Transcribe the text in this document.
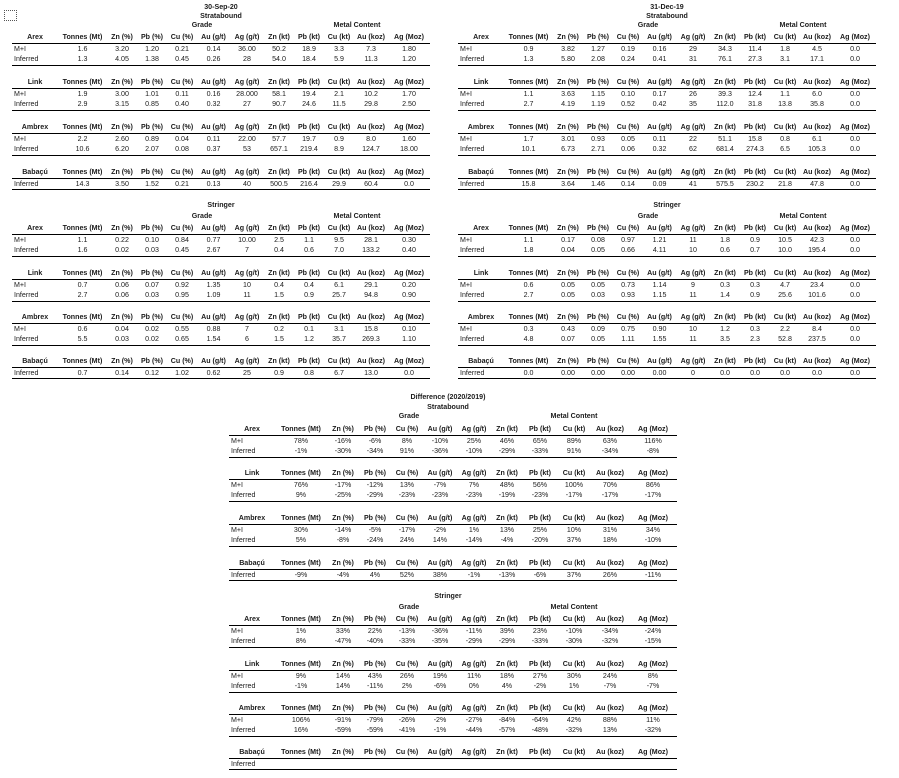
30-Sep-20
Stratabound
Grade	Metal Content
Arex	Tonnes (Mt)	Zn (%)	Pb (%)	Cu (%)	Au (g/t)	Ag (g/t)	Zn (kt)	Pb (kt)	Cu (kt)	Au (koz)	Ag (Moz)
M+I	1.6	3.20	1.20	0.21	0.14	36.00	50.2	18.9	3.3	7.3	1.80
Inferred	1.3	4.05	1.38	0.45	0.26	28	54.0	18.4	5.9	11.3	1.20
Link	Tonnes (Mt)	Zn (%)	Pb (%)	Cu (%)	Au (g/t)	Ag (g/t)	Zn (kt)	Pb (kt)	Cu (kt)	Au (koz)	Ag (Moz)
M+I	1.9	3.00	1.01	0.11	0.16	28.000	58.1	19.4	2.1	10.2	1.70
Inferred	2.9	3.15	0.85	0.40	0.32	27	90.7	24.6	11.5	29.8	2.50
Ambrex	Tonnes (Mt)	Zn (%)	Pb (%)	Cu (%)	Au (g/t)	Ag (g/t)	Zn (kt)	Pb (kt)	Cu (kt)	Au (koz)	Ag (Moz)
M+I	2.2	2.60	0.89	0.04	0.11	22.00	57.7	19.7	0.9	8.0	1.60
Inferred	10.6	6.20	2.07	0.08	0.37	53	657.1	219.4	8.9	124.7	18.00
Babaçú	Tonnes (Mt)	Zn (%)	Pb (%)	Cu (%)	Au (g/t)	Ag (g/t)	Zn (kt)	Pb (kt)	Cu (kt)	Au (koz)	Ag (Moz)
Inferred	14.3	3.50	1.52	0.21	0.13	40	500.5	216.4	29.9	60.4	0.0
Stringer
Grade	Metal Content
Arex	Tonnes (Mt)	Zn (%)	Pb (%)	Cu (%)	Au (g/t)	Ag (g/t)	Zn (kt)	Pb (kt)	Cu (kt)	Au (koz)	Ag (Moz)
M+I	1.1	0.22	0.10	0.84	0.77	10.00	2.5	1.1	9.5	28.1	0.30
Inferred	1.6	0.02	0.03	0.45	2.67	7	0.4	0.6	7.0	133.2	0.40
Link	Tonnes (Mt)	Zn (%)	Pb (%)	Cu (%)	Au (g/t)	Ag (g/t)	Zn (kt)	Pb (kt)	Cu (kt)	Au (koz)	Ag (Moz)
M+I	0.7	0.06	0.07	0.92	1.35	10	0.4	0.4	6.1	29.1	0.20
Inferred	2.7	0.06	0.03	0.95	1.09	11	1.5	0.9	25.7	94.8	0.90
Ambrex	Tonnes (Mt)	Zn (%)	Pb (%)	Cu (%)	Au (g/t)	Ag (g/t)	Zn (kt)	Pb (kt)	Cu (kt)	Au (koz)	Ag (Moz)
M+I	0.6	0.04	0.02	0.55	0.88	7	0.2	0.1	3.1	15.8	0.10
Inferred	5.5	0.03	0.02	0.65	1.54	6	1.5	1.2	35.7	269.3	1.10
Babaçú	Tonnes (Mt)	Zn (%)	Pb (%)	Cu (%)	Au (g/t)	Ag (g/t)	Zn (kt)	Pb (kt)	Cu (kt)	Au (koz)	Ag (Moz)
Inferred	0.7	0.14	0.12	1.02	0.62	25	0.9	0.8	6.7	13.0	0.0
31-Dec-19
Stratabound
Grade	Metal Content
Arex	Tonnes (Mt)	Zn (%)	Pb (%)	Cu (%)	Au (g/t)	Ag (g/t)	Zn (kt)	Pb (kt)	Cu (kt)	Au (koz)	Ag (Moz)
M+I	0.9	3.82	1.27	0.19	0.16	29	34.3	11.4	1.8	4.5	0.0
Inferred	1.3	5.80	2.08	0.24	0.41	31	76.1	27.3	3.1	17.1	0.0
Link	Tonnes (Mt)	Zn (%)	Pb (%)	Cu (%)	Au (g/t)	Ag (g/t)	Zn (kt)	Pb (kt)	Cu (kt)	Au (koz)	Ag (Moz)
M+I	1.1	3.63	1.15	0.10	0.17	26	39.3	12.4	1.1	6.0	0.0
Inferred	2.7	4.19	1.19	0.52	0.42	35	112.0	31.8	13.8	35.8	0.0
Ambrex	Tonnes (Mt)	Zn (%)	Pb (%)	Cu (%)	Au (g/t)	Ag (g/t)	Zn (kt)	Pb (kt)	Cu (kt)	Au (koz)	Ag (Moz)
M+I	1.7	3.01	0.93	0.05	0.11	22	51.1	15.8	0.8	6.1	0.0
Inferred	10.1	6.73	2.71	0.06	0.32	62	681.4	274.3	6.5	105.3	0.0
Babaçú	Tonnes (Mt)	Zn (%)	Pb (%)	Cu (%)	Au (g/t)	Ag (g/t)	Zn (kt)	Pb (kt)	Cu (kt)	Au (koz)	Ag (Moz)
Inferred	15.8	3.64	1.46	0.14	0.09	41	575.5	230.2	21.8	47.8	0.0
Stringer
Grade	Metal Content
Arex	Tonnes (Mt)	Zn (%)	Pb (%)	Cu (%)	Au (g/t)	Ag (g/t)	Zn (kt)	Pb (kt)	Cu (kt)	Au (koz)	Ag (Moz)
M+I	1.1	0.17	0.08	0.97	1.21	11	1.8	0.9	10.5	42.3	0.0
Inferred	1.8	0.04	0.05	0.66	4.11	10	0.6	0.7	10.0	195.4	0.0
Link	Tonnes (Mt)	Zn (%)	Pb (%)	Cu (%)	Au (g/t)	Ag (g/t)	Zn (kt)	Pb (kt)	Cu (kt)	Au (koz)	Ag (Moz)
M+I	0.6	0.05	0.05	0.73	1.14	9	0.3	0.3	4.7	23.4	0.0
Inferred	2.7	0.05	0.03	0.93	1.15	11	1.4	0.9	25.6	101.6	0.0
Ambrex	Tonnes (Mt)	Zn (%)	Pb (%)	Cu (%)	Au (g/t)	Ag (g/t)	Zn (kt)	Pb (kt)	Cu (kt)	Au (koz)	Ag (Moz)
M+I	0.3	0.43	0.09	0.75	0.90	10	1.2	0.3	2.2	8.4	0.0
Inferred	4.8	0.07	0.05	1.11	1.55	11	3.5	2.3	52.8	237.5	0.0
Babaçú	Tonnes (Mt)	Zn (%)	Pb (%)	Cu (%)	Au (g/t)	Ag (g/t)	Zn (kt)	Pb (kt)	Cu (kt)	Au (koz)	Ag (Moz)
Inferred	0.0	0.00	0.00	0.00	0.00	0	0.0	0.0	0.0	0.0	0.0
Difference (2020/2019)
Stratabound
Grade	Metal Content
Arex	Tonnes (Mt)	Zn (%)	Pb (%)	Cu (%)	Au (g/t)	Ag (g/t)	Zn (kt)	Pb (kt)	Cu (kt)	Au (koz)	Ag (Moz)
M+I	78%	-16%	-6%	8%	-10%	25%	46%	65%	89%	63%	116%
Inferred	-1%	-30%	-34%	91%	-36%	-10%	-29%	-33%	91%	-34%	-8%
Link	Tonnes (Mt)	Zn (%)	Pb (%)	Cu (%)	Au (g/t)	Ag (g/t)	Zn (kt)	Pb (kt)	Cu (kt)	Au (koz)	Ag (Moz)
M+I	76%	-17%	-12%	13%	-7%	7%	48%	56%	100%	70%	86%
Inferred	9%	-25%	-29%	-23%	-23%	-23%	-19%	-23%	-17%	-17%	-17%
Ambrex	Tonnes (Mt)	Zn (%)	Pb (%)	Cu (%)	Au (g/t)	Ag (g/t)	Zn (kt)	Pb (kt)	Cu (kt)	Au (koz)	Ag (Moz)
M+I	30%	-14%	-5%	-17%	-2%	1%	13%	25%	10%	31%	34%
Inferred	5%	-8%	-24%	24%	14%	-14%	-4%	-20%	37%	18%	-10%
Babaçú	Tonnes (Mt)	Zn (%)	Pb (%)	Cu (%)	Au (g/t)	Ag (g/t)	Zn (kt)	Pb (kt)	Cu (kt)	Au (koz)	Ag (Moz)
Inferred	-9%	-4%	4%	52%	38%	-1%	-13%	-6%	37%	26%	-11%
Stringer
Grade	Metal Content
Arex	Tonnes (Mt)	Zn (%)	Pb (%)	Cu (%)	Au (g/t)	Ag (g/t)	Zn (kt)	Pb (kt)	Cu (kt)	Au (koz)	Ag (Moz)
M+I	1%	33%	22%	-13%	-36%	-11%	39%	23%	-10%	-34%	-24%
Inferred	8%	-47%	-40%	-33%	-35%	-29%	-29%	-33%	-30%	-32%	-15%
Link	Tonnes (Mt)	Zn (%)	Pb (%)	Cu (%)	Au (g/t)	Ag (g/t)	Zn (kt)	Pb (kt)	Cu (kt)	Au (koz)	Ag (Moz)
M+I	9%	14%	43%	26%	19%	11%	18%	27%	30%	24%	8%
Inferred	-1%	14%	-11%	2%	-6%	0%	4%	-2%	1%	-7%	-7%
Ambrex	Tonnes (Mt)	Zn (%)	Pb (%)	Cu (%)	Au (g/t)	Ag (g/t)	Zn (kt)	Pb (kt)	Cu (kt)	Au (koz)	Ag (Moz)
M+I	106%	-91%	-79%	-26%	-2%	-27%	-84%	-64%	42%	88%	11%
Inferred	16%	-59%	-59%	-41%	-1%	-44%	-57%	-48%	-32%	13%	-32%
Babaçú	Tonnes (Mt)	Zn (%)	Pb (%)	Cu (%)	Au (g/t)	Ag (g/t)	Zn (kt)	Pb (kt)	Cu (kt)	Au (koz)	Ag (Moz)
Inferred											
